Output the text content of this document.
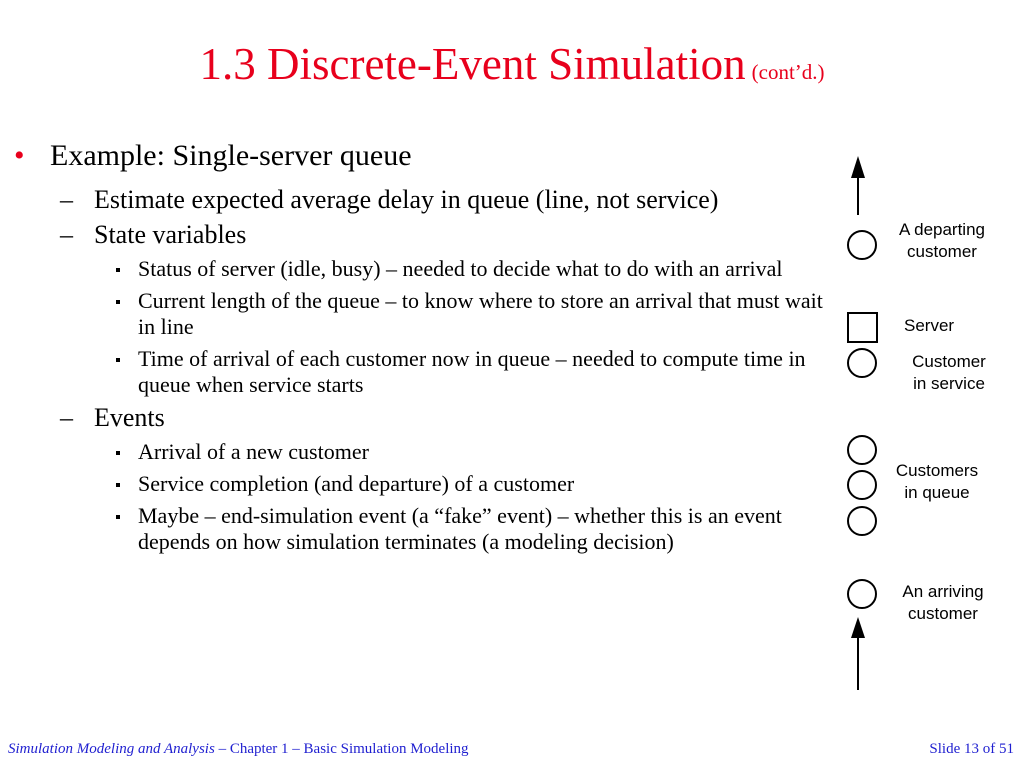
1.3 Discrete-Event Simulation (cont’d.)
• Example: Single-server queue
– Estimate expected average delay in queue (line, not service)
– State variables
Status of server (idle, busy) – needed to decide what to do with an arrival
Current length of the queue – to know where to store an arrival that must wait in line
Time of arrival of each customer now in queue – needed to compute time in queue when service starts
– Events
Arrival of a new customer
Service completion (and departure) of a customer
Maybe – end-simulation event (a “fake” event) – whether this is an event depends on how simulation terminates (a modeling decision)
A departing
customer
Server
Customer
in service
Customers
in queue
An arriving
customer
Simulation Modeling and Analysis – Chapter 1 – Basic Simulation Modeling	Slide 13 of 51
